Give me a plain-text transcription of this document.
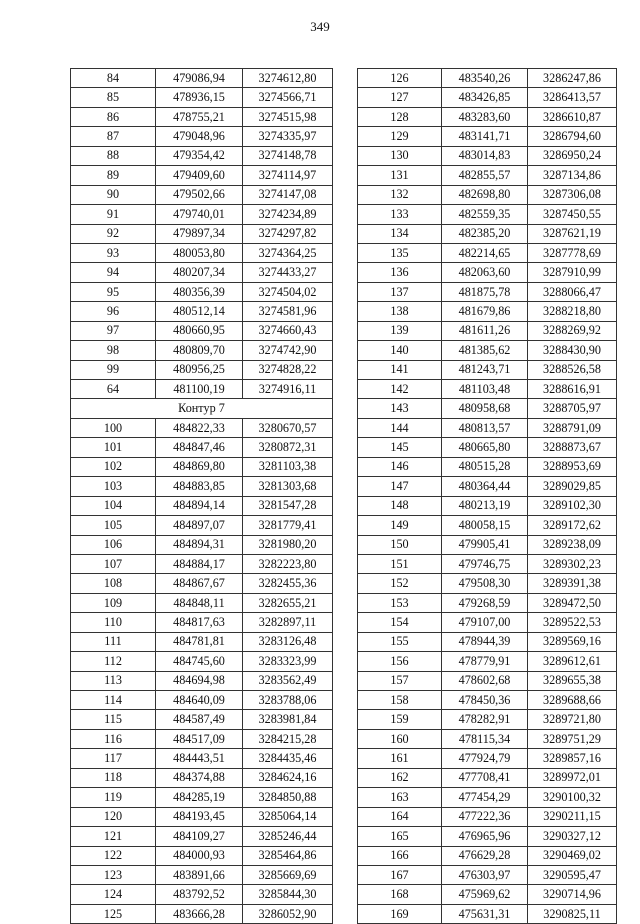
349
84	479086,94	3274612,80
85	478936,15	3274566,71
86	478755,21	3274515,98
87	479048,96	3274335,97
88	479354,42	3274148,78
89	479409,60	3274114,97
90	479502,66	3274147,08
91	479740,01	3274234,89
92	479897,34	3274297,82
93	480053,80	3274364,25
94	480207,34	3274433,27
95	480356,39	3274504,02
96	480512,14	3274581,96
97	480660,95	3274660,43
98	480809,70	3274742,90
99	480956,25	3274828,22
64	481100,19	3274916,11
Контур 7		
100	484822,33	3280670,57
101	484847,46	3280872,31
102	484869,80	3281103,38
103	484883,85	3281303,68
104	484894,14	3281547,28
105	484897,07	3281779,41
106	484894,31	3281980,20
107	484884,17	3282223,80
108	484867,67	3282455,36
109	484848,11	3282655,21
110	484817,63	3282897,11
111	484781,81	3283126,48
112	484745,60	3283323,99
113	484694,98	3283562,49
114	484640,09	3283788,06
115	484587,49	3283981,84
116	484517,09	3284215,28
117	484443,51	3284435,46
118	484374,88	3284624,16
119	484285,19	3284850,88
120	484193,45	3285064,14
121	484109,27	3285246,44
122	484000,93	3285464,86
123	483891,66	3285669,69
124	483792,52	3285844,30
125	483666,28	3286052,90
126	483540,26	3286247,86
127	483426,85	3286413,57
128	483283,60	3286610,87
129	483141,71	3286794,60
130	483014,83	3286950,24
131	482855,57	3287134,86
132	482698,80	3287306,08
133	482559,35	3287450,55
134	482385,20	3287621,19
135	482214,65	3287778,69
136	482063,60	3287910,99
137	481875,78	3288066,47
138	481679,86	3288218,80
139	481611,26	3288269,92
140	481385,62	3288430,90
141	481243,71	3288526,58
142	481103,48	3288616,91
143	480958,68	3288705,97
144	480813,57	3288791,09
145	480665,80	3288873,67
146	480515,28	3288953,69
147	480364,44	3289029,85
148	480213,19	3289102,30
149	480058,15	3289172,62
150	479905,41	3289238,09
151	479746,75	3289302,23
152	479508,30	3289391,38
153	479268,59	3289472,50
154	479107,00	3289522,53
155	478944,39	3289569,16
156	478779,91	3289612,61
157	478602,68	3289655,38
158	478450,36	3289688,66
159	478282,91	3289721,80
160	478115,34	3289751,29
161	477924,79	3289857,16
162	477708,41	3289972,01
163	477454,29	3290100,32
164	477222,36	3290211,15
165	476965,96	3290327,12
166	476629,28	3290469,02
167	476303,97	3290595,47
168	475969,62	3290714,96
169	475631,31	3290825,11
